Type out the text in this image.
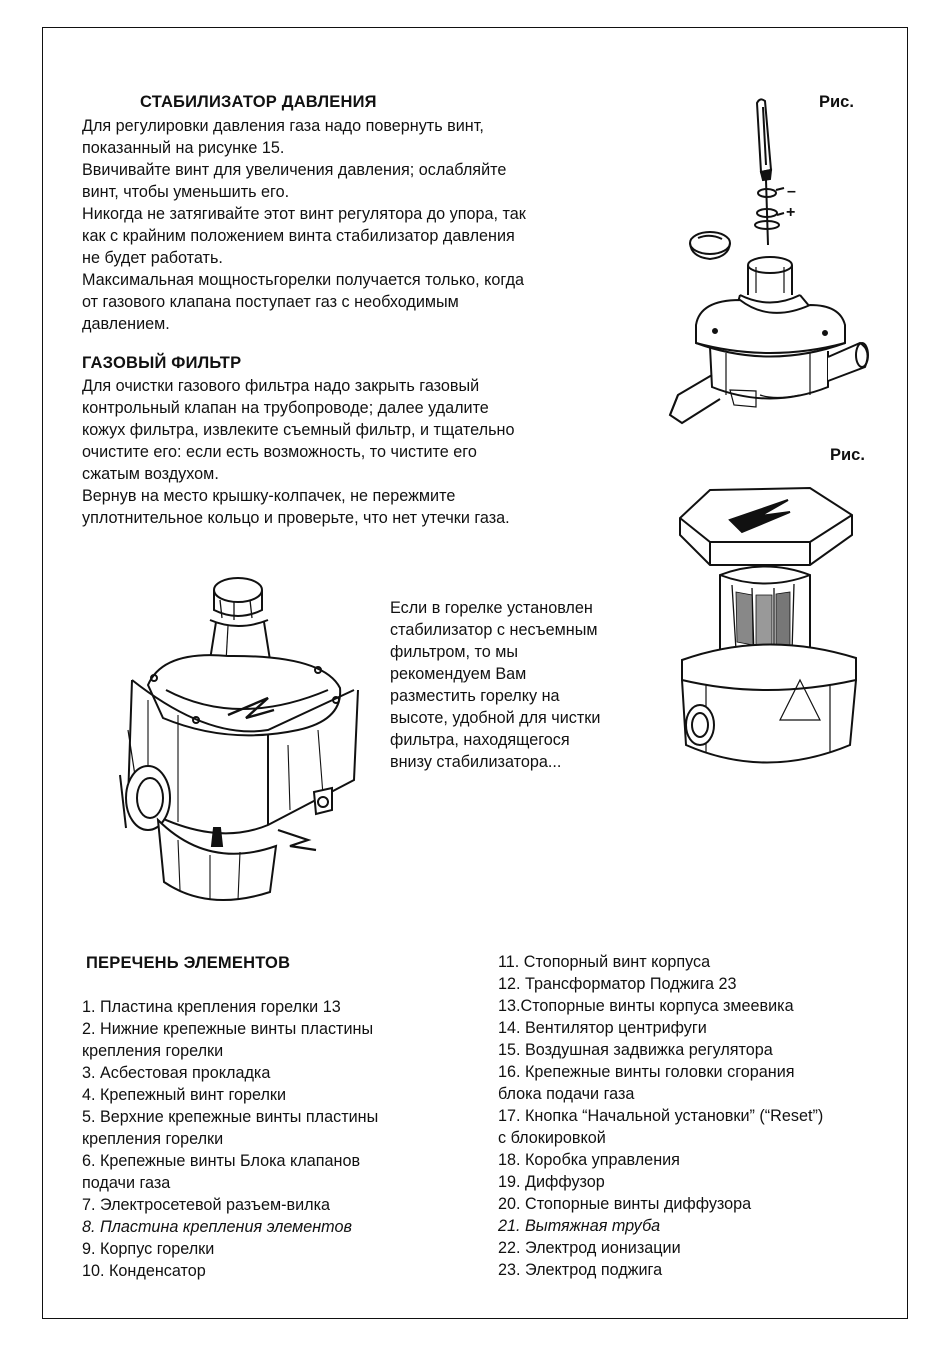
СТАБИЛИЗАТОР ДАВЛЕНИЯ
Для регулировки давления газа надо повернуть винт,
показанный на рисунке 15.
Ввичивайте винт для увеличения давления; ослабляйте
винт, чтобы уменьшить его.
Никогда не затягивайте этот винт регулятора до упора, так
как с крайним положением винта стабилизатор давления
не будет работать.
Максимальная мощностьгорелки получается только, когда
от газового клапана поступает газ с необходимым
давлением.
ГАЗОВЫЙ ФИЛЬТР
Для очистки газового фильтра надо закрыть газовый
контрольный клапан на трубопроводе; далее удалите
кожух фильтра, извлеките съемный фильтр, и тщательно
очистите его: если есть возможность, то чистите его
сжатым воздухом.
Вернув на место крышку-колпачек, не пережмите
уплотнительное кольцо и проверьте, что нет утечки газа.
Если в горелке установлен
стабилизатор с несъемным
фильтром, то мы
рекомендуем Вам
разместить горелку на
высоте, удобной для чистки
фильтра, находящегося
внизу стабилизатора...
Рис.
Рис.
–
+
ПЕРЕЧЕНЬ ЭЛЕМЕНТОВ
1. Пластина крепления горелки 13
2. Нижние крепежные винты пластины
крепления горелки
3. Асбестовая прокладка
4. Крепежный винт горелки
5. Верхние крепежные винты пластины
крепления горелки
6. Крепежные винты Блока клапанов
подачи газа
7. Электросетевой разъем-вилка
8. Пластина крепления элементов
9. Корпус горелки
10. Конденсатор
11. Стопорный винт корпуса
12. Трансформатор Поджига 23
13.Стопорные винты корпуса змеевика
14. Вентилятор центрифуги
15. Воздушная задвижка регулятора
16. Крепежные винты головки сгорания
блока подачи газа
17. Кнопка “Начальной установки” (“Reset”)
с блокировкой
18. Коробка управления
19. Диффузор
20. Стопорные винты диффузора
21. Вытяжная труба
22. Электрод ионизации
23. Электрод поджига
